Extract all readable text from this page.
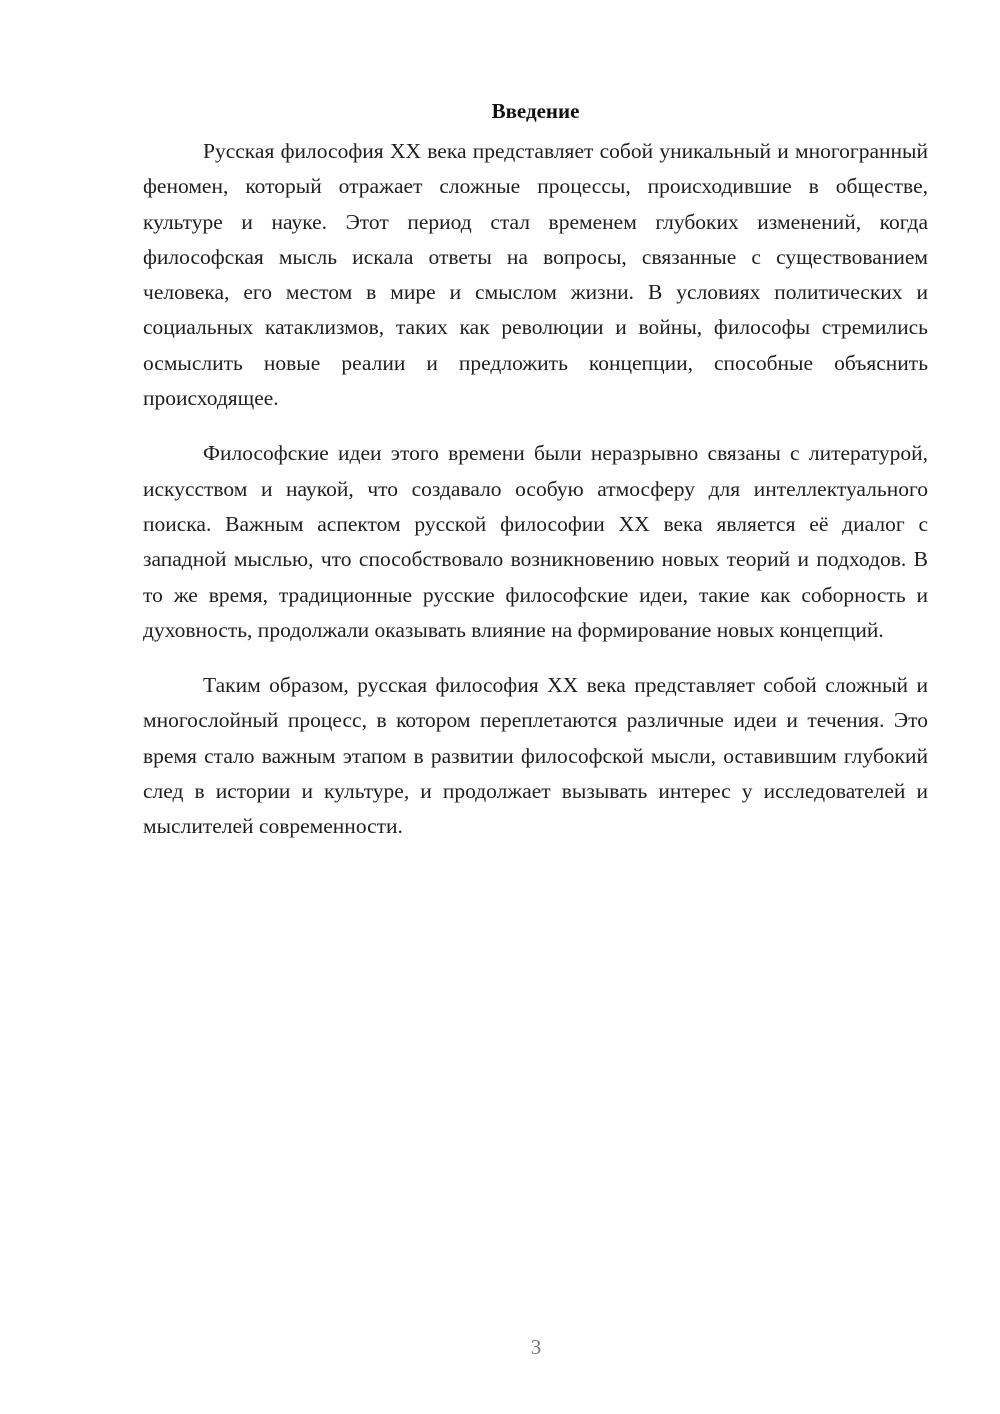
Введение

Русская философия XX века представляет собой уникальный и многогранный феномен, который отражает сложные процессы, происходившие в обществе, культуре и науке. Этот период стал временем глубоких изменений, когда философская мысль искала ответы на вопросы, связанные с существованием человека, его местом в мире и смыслом жизни. В условиях политических и социальных катаклизмов, таких как революции и войны, философы стремились осмыслить новые реалии и предложить концепции, способные объяснить происходящее.

Философские идеи этого времени были неразрывно связаны с литературой, искусством и наукой, что создавало особую атмосферу для интеллектуального поиска. Важным аспектом русской философии XX века является её диалог с западной мыслью, что способствовало возникновению новых теорий и подходов. В то же время, традиционные русские философские идеи, такие как соборность и духовность, продолжали оказывать влияние на формирование новых концепций.

Таким образом, русская философия XX века представляет собой сложный и многослойный процесс, в котором переплетаются различные идеи и течения. Это время стало важным этапом в развитии философской мысли, оставившим глубокий след в истории и культуре, и продолжает вызывать интерес у исследователей и мыслителей современности.

3
